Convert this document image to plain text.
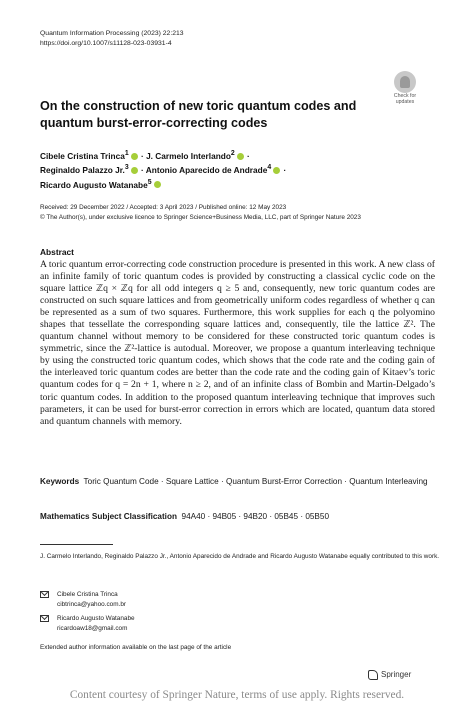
Quantum Information Processing (2023) 22:213
https://doi.org/10.1007/s11128-023-03931-4
Check for
updates
On the construction of new toric quantum codes and quantum burst-error-correcting codes
Cibele Cristina Trinca$^1$ · J. Carmelo Interlando$^2$ ·
Reginaldo Palazzo Jr.$^3$ · Antonio Aparecido de Andrade$^4$ ·
Ricardo Augusto Watanabe$^5$
Received: 29 December 2022 / Accepted: 3 April 2023 / Published online: 12 May 2023
© The Author(s), under exclusive licence to Springer Science+Business Media, LLC, part of Springer Nature 2023
Abstract
A toric quantum error-correcting code construction procedure is presented in this work. A new class of an infinite family of toric quantum codes is provided by constructing a classical cyclic code on the square lattice ℤq × ℤq for all odd integers q ≥ 5 and, consequently, new toric quantum codes are constructed on such square lattices and from geometrically uniform codes regardless of whether q can be represented as a sum of two squares. Furthermore, this work supplies for each q the polyomino shapes that tessellate the corresponding square lattices and, consequently, tile the lattice ℤ². The quantum channel without memory to be considered for these constructed toric quantum codes is symmetric, since the ℤ²-lattice is autodual. Moreover, we propose a quantum interleaving technique by using the constructed toric quantum codes, which shows that the code rate and the coding gain of the interleaved toric quantum codes are better than the code rate and the coding gain of Kitaev’s toric quantum codes for q = 2n + 1, where n ≥ 2, and of an infinite class of Bombin and Martin-Delgado’s toric quantum codes. In addition to the proposed quantum interleaving technique that improves such parameters, it can be used for burst-error correction in errors which are located, quantum data stored and quantum channels with memory.
Keywords Toric Quantum Code · Square Lattice · Quantum Burst-Error Correction · Quantum Interleaving
Mathematics Subject Classification 94A40 · 94B05 · 94B20 · 05B45 · 05B50
J. Carmelo Interlando, Reginaldo Palazzo Jr., Antonio Aparecido de Andrade and Ricardo Augusto Watanabe equally contributed to this work.
Cibele Cristina Trinca
cibtrinca@yahoo.com.br
Ricardo Augusto Watanabe
ricardoaw18@gmail.com
Extended author information available on the last page of the article
Springer
Content courtesy of Springer Nature, terms of use apply. Rights reserved.
